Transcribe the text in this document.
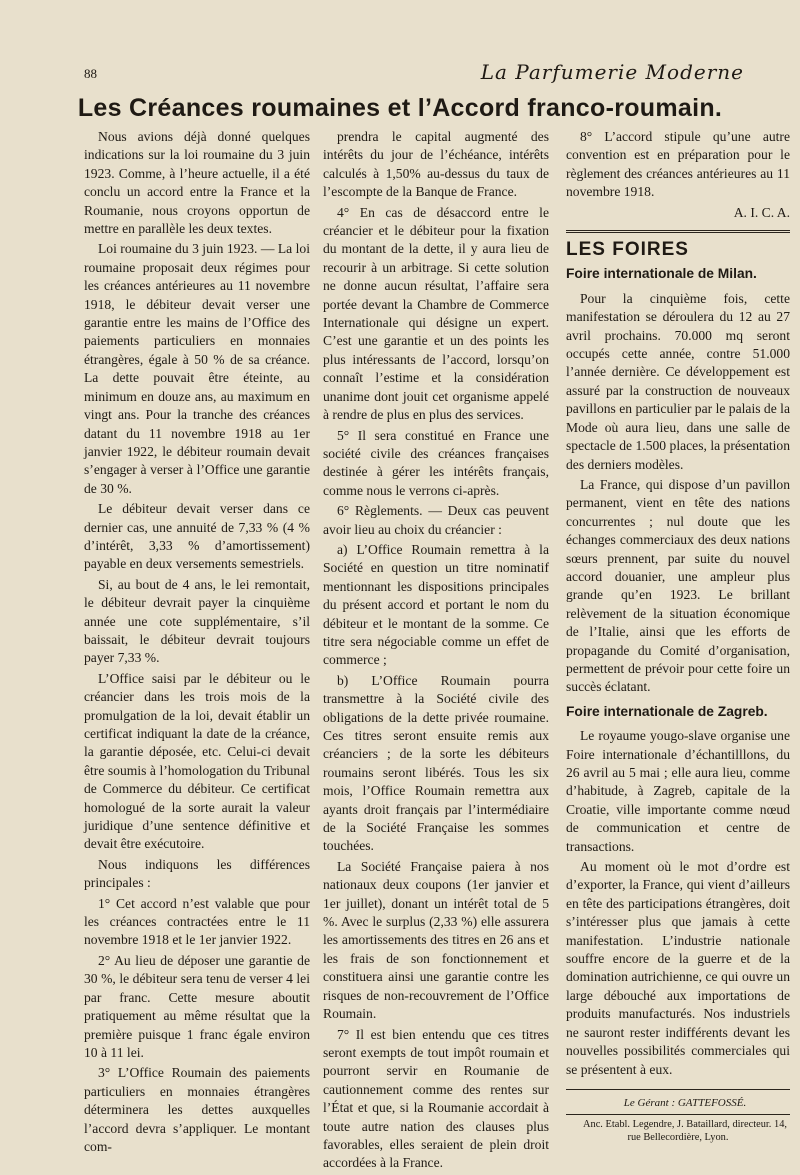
88	La Parfumerie Moderne
Les Créances roumaines et l’Accord franco-roumain.

Nous avions déjà donné quelques indications sur la loi roumaine du 3 juin 1923. Comme, à l’heure actuelle, il a été conclu un accord entre la France et la Roumanie, nous croyons opportun de mettre en parallèle les deux textes.

Loi roumaine du 3 juin 1923. — La loi roumaine proposait deux régimes pour les créances antérieures au 11 novembre 1918, le débiteur devait verser une garantie entre les mains de l’Office des paiements particuliers en monnaies étrangères, égale à 50 % de sa créance. La dette pouvait être éteinte, au minimum en douze ans, au maximum en vingt ans. Pour la tranche des créances datant du 11 novembre 1918 au 1er janvier 1922, le débiteur roumain devait s’engager à verser à l’Office une garantie de 30 %.

Le débiteur devait verser dans ce dernier cas, une annuité de 7,33 % (4 % d’intérêt, 3,33 % d’amortissement) payable en deux versements semestriels.

Si, au bout de 4 ans, le lei remontait, le débiteur devrait payer la cinquième année une cote supplémentaire, s’il baissait, le débiteur devrait toujours payer 7,33 %.

L’Office saisi par le débiteur ou le créancier dans les trois mois de la promulgation de la loi, devait établir un certificat indiquant la date de la créance, la garantie déposée, etc. Celui-ci devait être soumis à l’homologation du Tribunal de Commerce du débiteur. Ce certificat homologué de la sorte aurait la valeur juridique d’une sentence définitive et devait être exécutoire.

Nous indiquons les différences principales :

1° Cet accord n’est valable que pour les créances contractées entre le 11 novembre 1918 et le 1er janvier 1922.

2° Au lieu de déposer une garantie de 30 %, le débiteur sera tenu de verser 4 lei par franc. Cette mesure aboutit pratiquement au même résultat que la première puisque 1 franc égale environ 10 à 11 lei.

3° L’Office Roumain des paiements particuliers en monnaies étrangères déterminera les dettes auxquelles l’accord devra s’appliquer. Le montant com-

prendra le capital augmenté des intérêts du jour de l’échéance, intérêts calculés à 1,50% au-dessus du taux de l’escompte de la Banque de France.

4° En cas de désaccord entre le créancier et le débiteur pour la fixation du montant de la dette, il y aura lieu de recourir à un arbitrage. Si cette solution ne donne aucun résultat, l’affaire sera portée devant la Chambre de Commerce Internationale qui désigne un expert. C’est une garantie et un des points les plus intéressants de l’accord, lorsqu’on connaît l’estime et la considération unanime dont jouit cet organisme appelé à rendre de plus en plus des services.

5° Il sera constitué en France une société civile des créances françaises destinée à gérer les intérêts français, comme nous le verrons ci-après.

6° Règlements. — Deux cas peuvent avoir lieu au choix du créancier :

a) L’Office Roumain remettra à la Société en question un titre nominatif mentionnant les dispositions principales du présent accord et portant le nom du débiteur et le montant de la somme. Ce titre sera négociable comme un effet de commerce ;

b) L’Office Roumain pourra transmettre à la Société civile des obligations de la dette privée roumaine. Ces titres seront ensuite remis aux créanciers ; de la sorte les débiteurs roumains seront libérés. Tous les six mois, l’Office Roumain remettra aux ayants droit français par l’intermédiaire de la Société Française les sommes touchées.

La Société Française paiera à nos nationaux deux coupons (1er janvier et 1er juillet), donant un intérêt total de 5 %. Avec le surplus (2,33 %) elle assurera les amortissements des titres en 26 ans et les frais de son fonctionnement et constituera ainsi une garantie contre les risques de non-recouvrement de l’Office Roumain.

7° Il est bien entendu que ces titres seront exempts de tout impôt roumain et pourront servir en Roumanie de cautionnement comme des rentes sur l’État et que, si la Roumanie accordait à toute autre nation des clauses plus favorables, elles seraient de plein droit accordées à la France.

8° L’accord stipule qu’une autre convention est en préparation pour le règlement des créances antérieures au 11 novembre 1918.

A. I. C. A.
LES FOIRES
Foire internationale de Milan.

Pour la cinquième fois, cette manifestation se déroulera du 12 au 27 avril prochains. 70.000 mq seront occupés cette année, contre 51.000 l’année dernière. Ce développement est assuré par la construction de nouveaux pavillons en particulier par le palais de la Mode où aura lieu, dans une salle de spectacle de 1.500 places, la présentation des derniers modèles.

La France, qui dispose d’un pavillon permanent, vient en tête des nations concurrentes ; nul doute que les échanges commerciaux des deux nations sœurs prennent, par suite du nouvel accord douanier, une ampleur plus grande qu’en 1923. Le brillant relèvement de la situation économique de l’Italie, ainsi que les efforts de propagande du Comité d’organisation, permettent de prévoir pour cette foire un succès éclatant.

Foire internationale de Zagreb.

Le royaume yougo-slave organise une Foire internationale d’échantilllons, du 26 avril au 5 mai ; elle aura lieu, comme d’habitude, à Zagreb, capitale de la Croatie, ville importante comme nœud de communication et centre de transactions.

Au moment où le mot d’ordre est d’exporter, la France, qui vient d’ailleurs en tête des participations étrangères, doit s’intéresser plus que jamais à cette manifestation. L’industrie nationale souffre encore de la guerre et de la domination autrichienne, ce qui ouvre un large débouché aux importations de produits manufacturés. Nos industriels ne sauront rester indifférents devant les nouvelles possibilités commerciales qui se présentent à eux.

Le Gérant : GATTEFOSSÉ.

Anc. Etabl. Legendre, J. Bataillard, directeur. 14, rue Bellecordière, Lyon.
